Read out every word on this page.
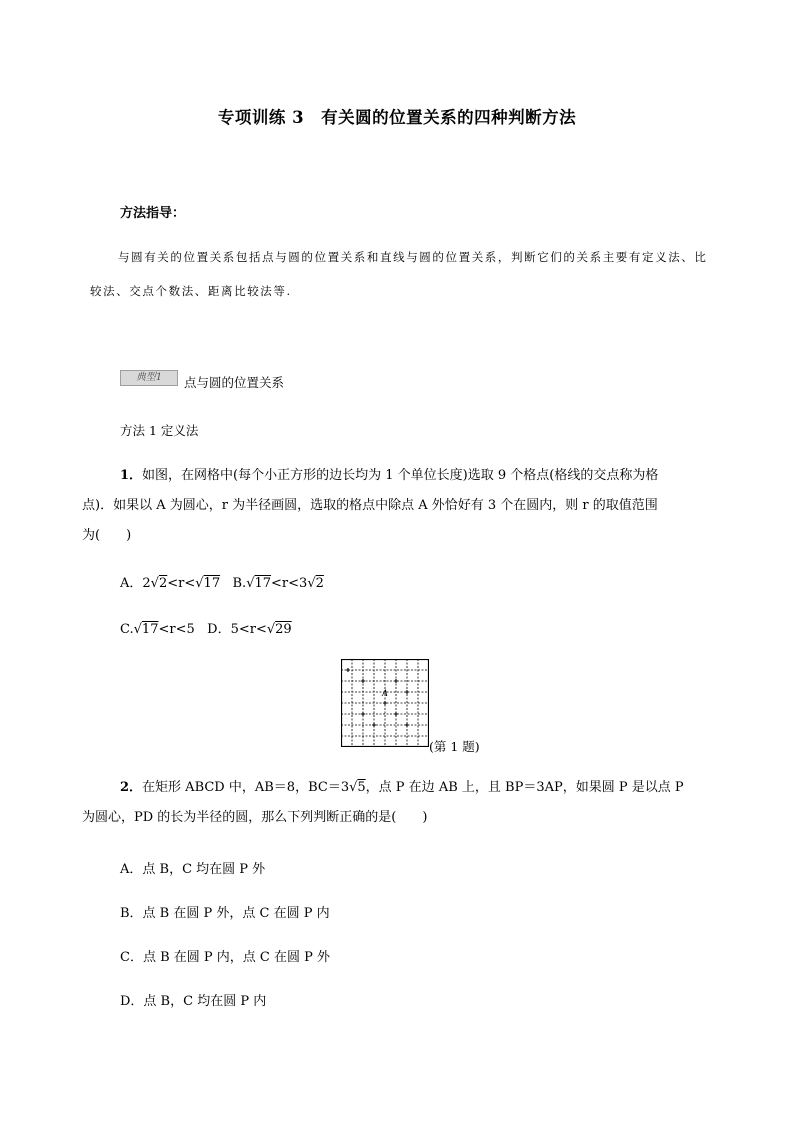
专项训练 3　有关圆的位置关系的四种判断方法
方法指导：
与圆有关的位置关系包括点与圆的位置关系和直线与圆的位置关系，判断它们的关系主要有定义法、比较法、交点个数法、距离比较法等.
典型1	点与圆的位置关系
方法 1 定义法
1．如图，在网格中(每个小正方形的边长均为 1 个单位长度)选取 9 个格点(格线的交点称为格
点)．如果以 A 为圆心，r 为半径画圆，选取的格点中除点 A 外恰好有 3 个在圆内，则 r 的取值范围
为(　　)
A．2√2<r<√17 B.√17<r<3√2
C.√17<r<5 D．5<r<√29
A
(第 1 题)
2．在矩形 ABCD 中，AB＝8，BC＝3√5，点 P 在边 AB 上，且 BP＝3AP，如果圆 P 是以点 P
为圆心，PD 的长为半径的圆，那么下列判断正确的是(　　)
A．点 B，C 均在圆 P 外
B．点 B 在圆 P 外，点 C 在圆 P 内
C．点 B 在圆 P 内，点 C 在圆 P 外
D．点 B，C 均在圆 P 内
